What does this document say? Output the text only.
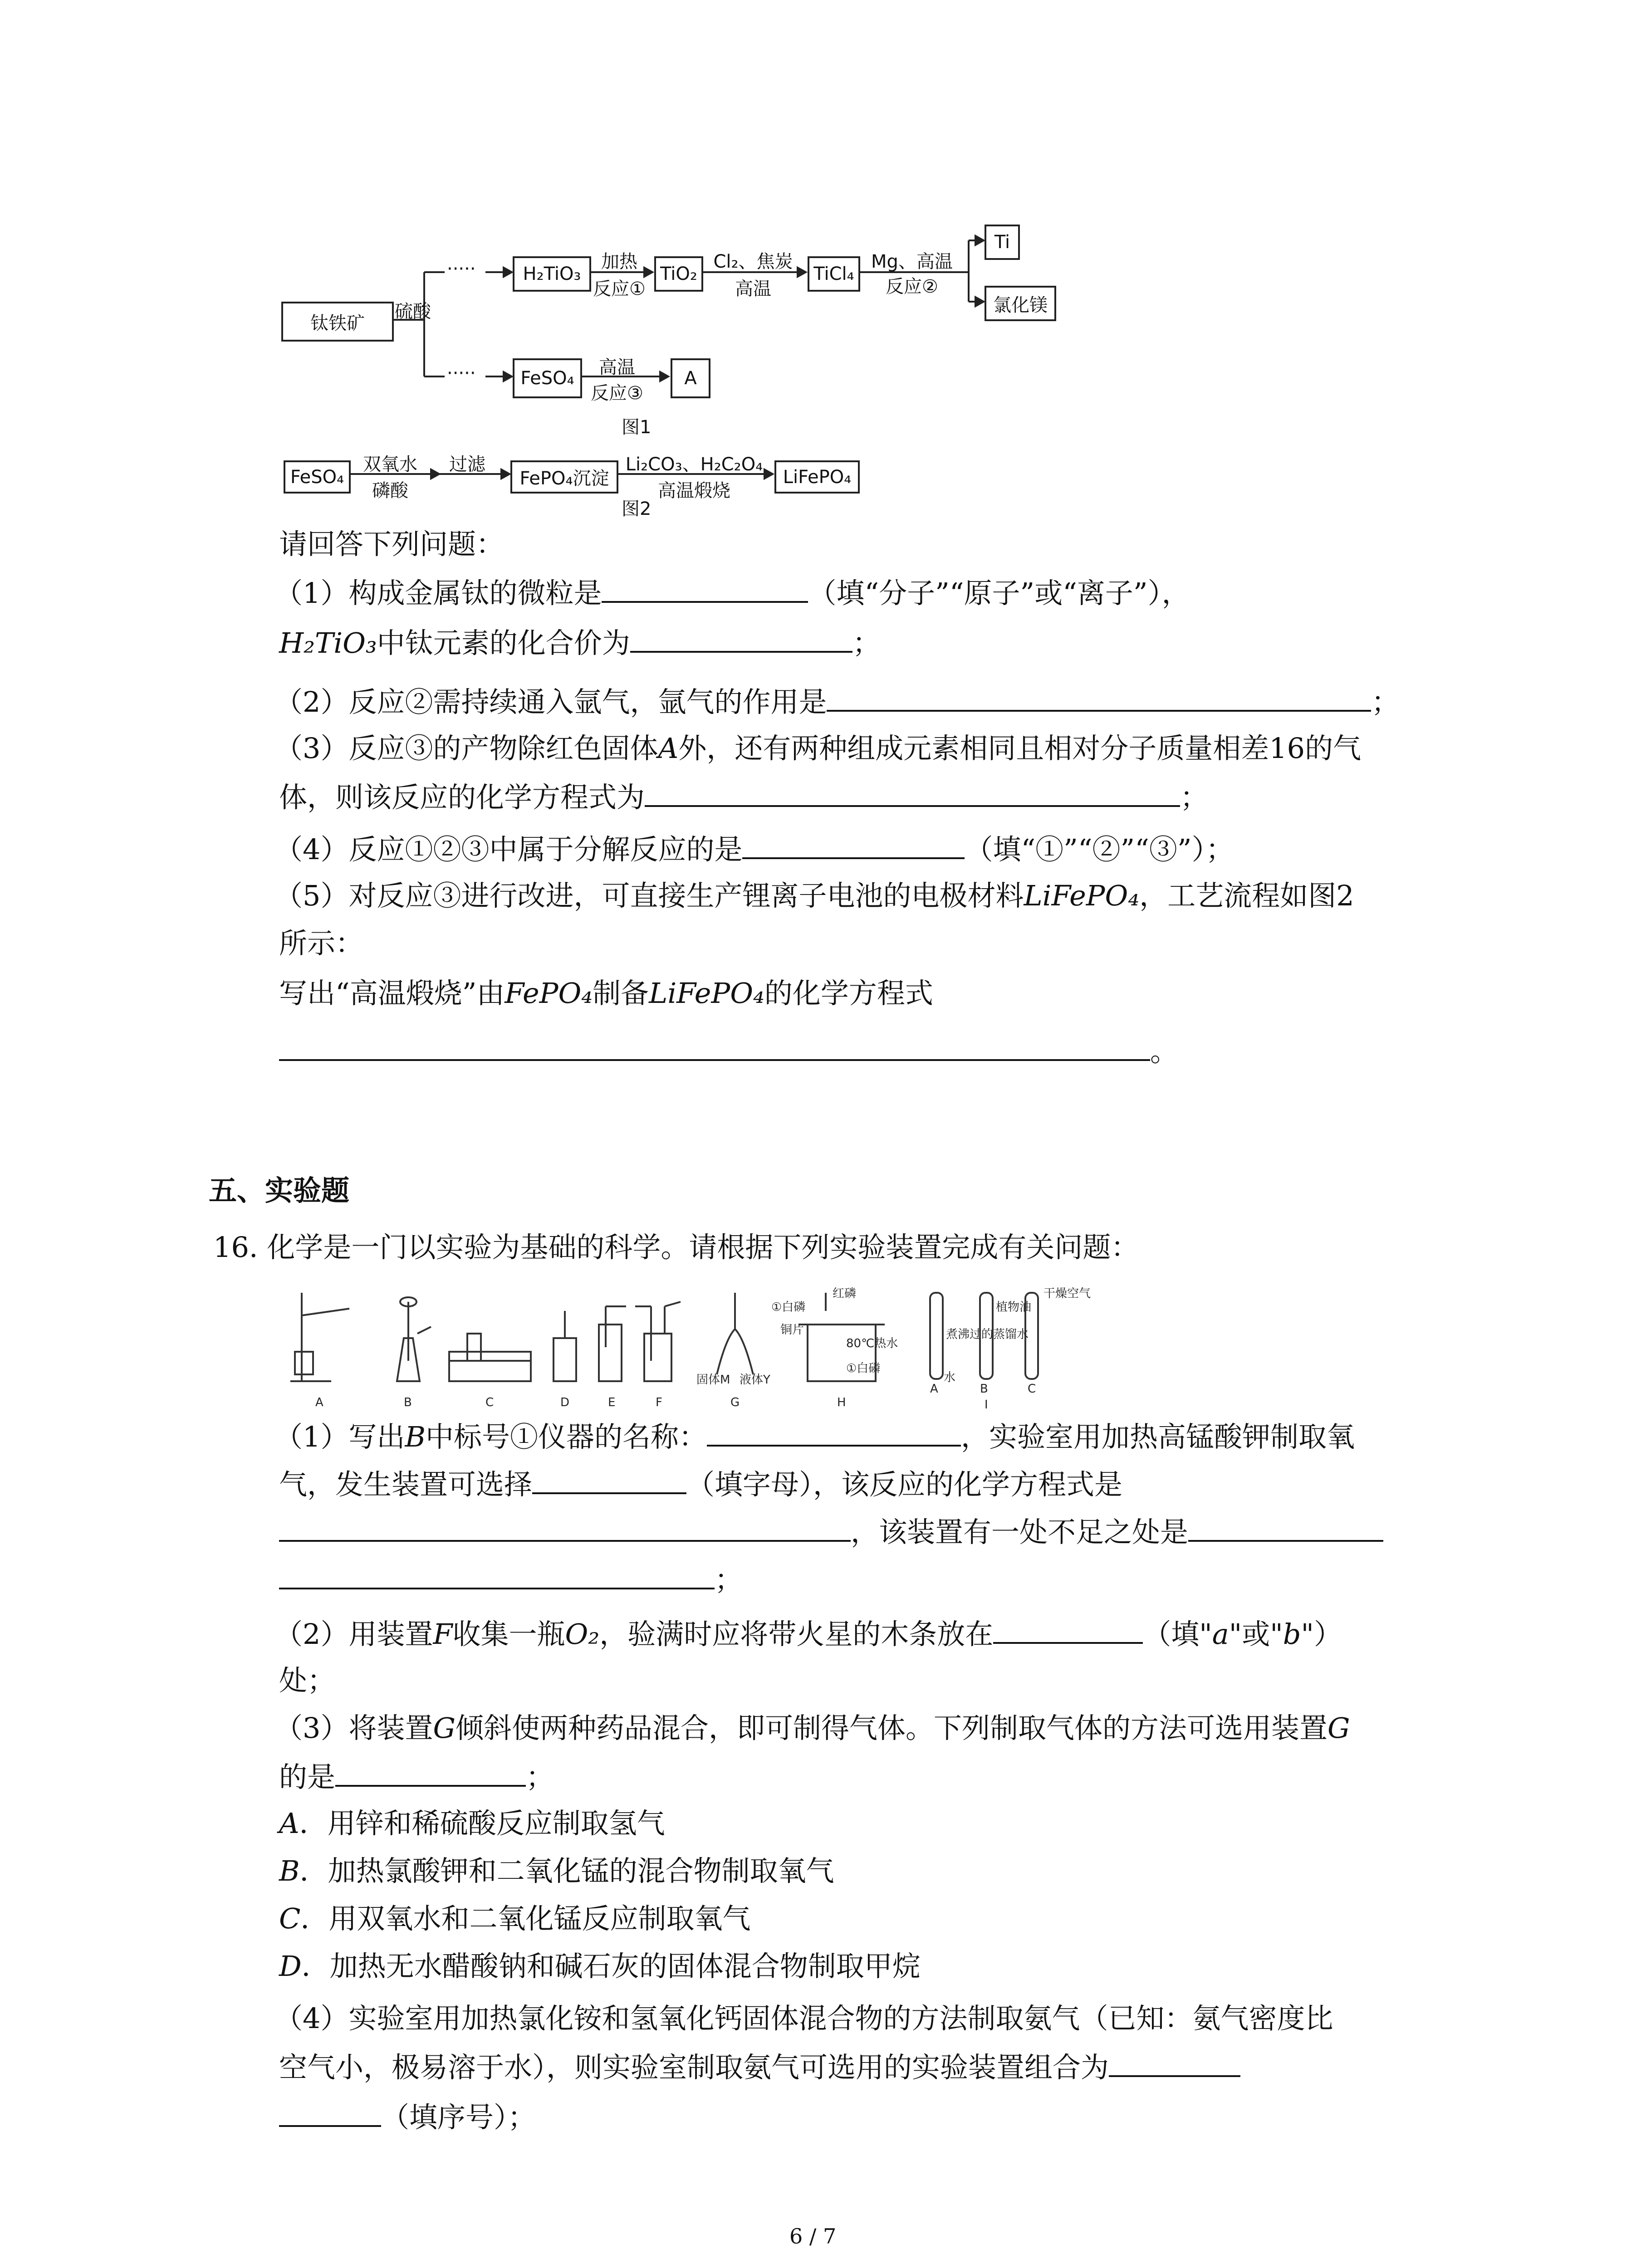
钛铁矿
硫酸
·····	H₂TiO₃
加热
反应①
TiO₂
Cl₂、焦炭
高温
TiCl₄
Mg、高温
反应②
Ti
氯化镁
····· FeSO₄
高温
反应③
A
图1
FeSO₄
双氧水
磷酸
过滤
FePO₄沉淀
Li₂CO₃、H₂C₂O₄
高温煅烧
LiFePO₄
图2
请回答下列问题：
（1）构成金属钛的微粒是	（填“分子”“原子”或“离子”），
H₂TiO₃中钛元素的化合价为	；
（2）反应②需持续通入氩气，氩气的作用是	；
（3）反应③的产物除红色固体A外，还有两种组成元素相同且相对分子质量相差16的气
体，则该反应的化学方程式为	；
（4）反应①②③中属于分解反应的是	（填“①”“②”“③”）；
（5）对反应③进行改进，可直接生产锂离子电池的电极材料LiFePO₄，工艺流程如图2
所示：
写出“高温煅烧”由FePO₄制备LiFePO₄的化学方程式
。
五、实验题
16. 化学是一门以实验为基础的科学。请根据下列实验装置完成有关问题：
A	B	C	D	E	F	G	H
A	B	C
I
固体M 液体Y
①白磷
红磷
铜片
80℃热水
①白磷
植物油
干燥空气
水
煮沸过的蒸馏水
（1）写出B中标号①仪器的名称：	，实验室用加热高锰酸钾制取氧
气，发生装置可选择	（填字母），该反应的化学方程式是
，该装置有一处不足之处是
；
（2）用装置F收集一瓶O₂，验满时应将带火星的木条放在	（填"a"或"b"）
处；
（3）将装置G倾斜使两种药品混合，即可制得气体。下列制取气体的方法可选用装置G
的是	；
A．用锌和稀硫酸反应制取氢气
B．加热氯酸钾和二氧化锰的混合物制取氧气
C．用双氧水和二氧化锰反应制取氧气
D．加热无水醋酸钠和碱石灰的固体混合物制取甲烷
（4）实验室用加热氯化铵和氢氧化钙固体混合物的方法制取氨气（已知：氨气密度比
空气小，极易溶于水），则实验室制取氨气可选用的实验装置组合为
（填序号）；
6 / 7
